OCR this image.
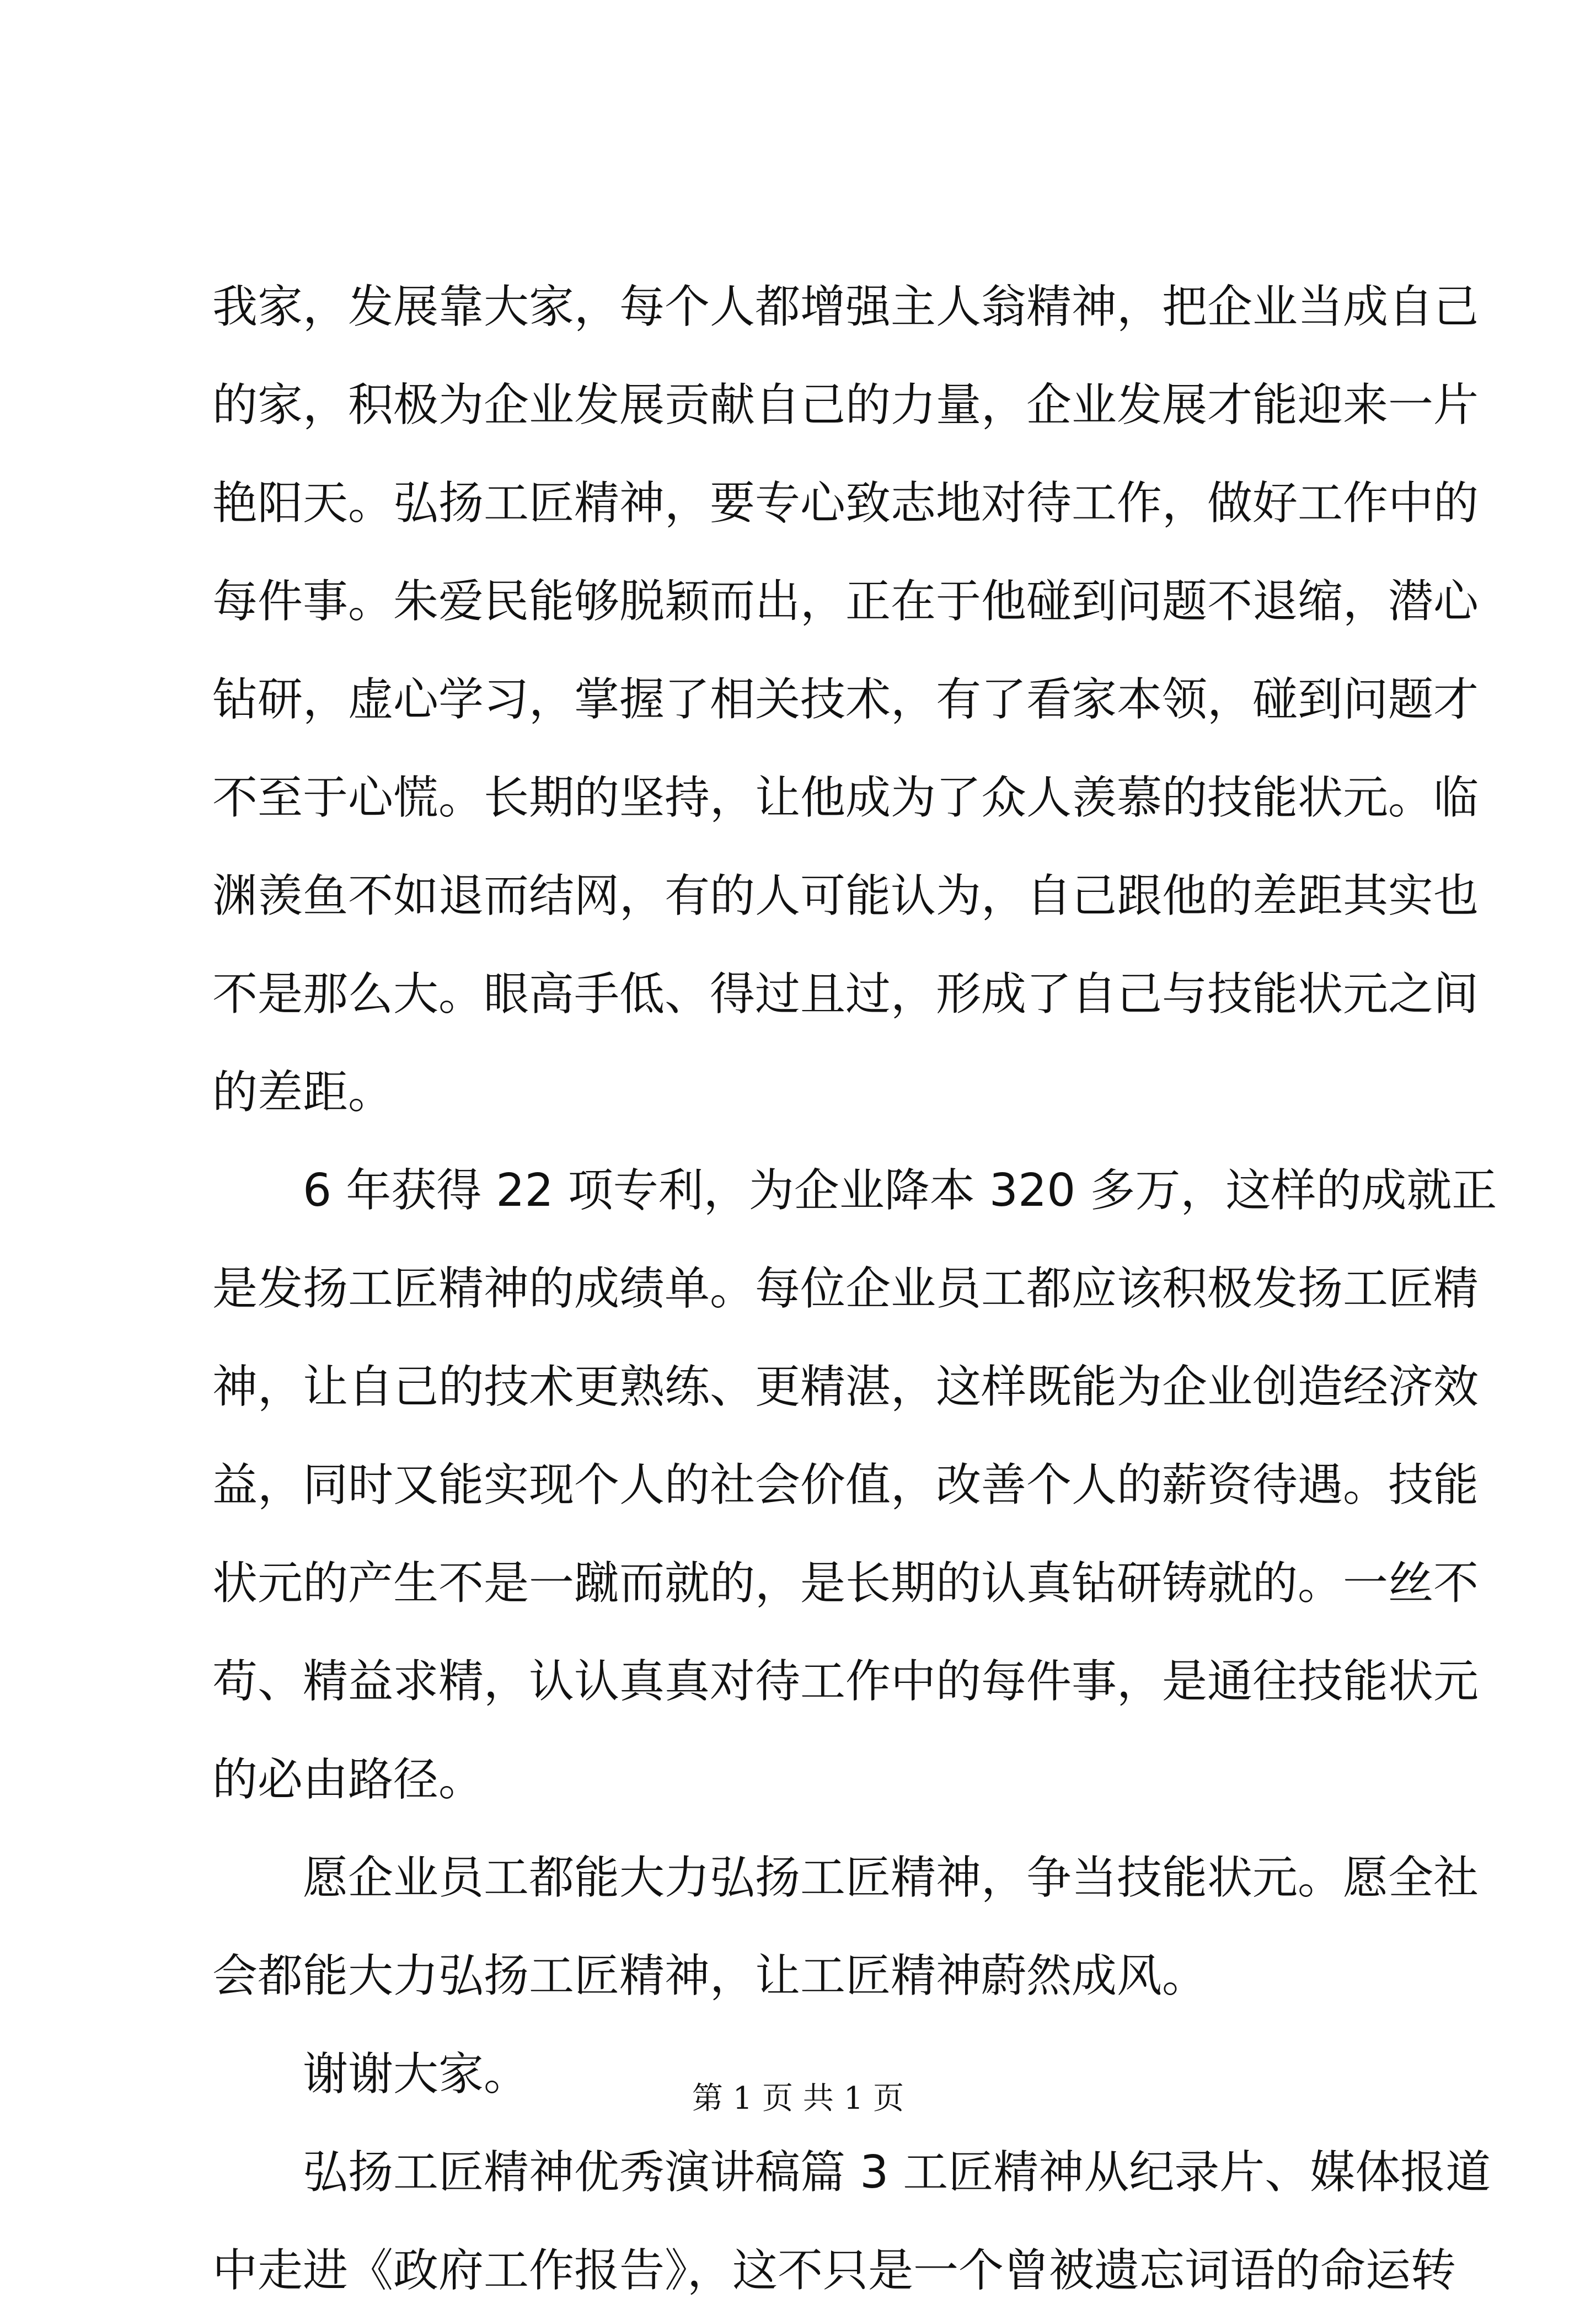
我家，发展靠大家，每个人都增强主人翁精神，把企业当成自己
的家，积极为企业发展贡献自己的力量，企业发展才能迎来一片
艳阳天。弘扬工匠精神，要专心致志地对待工作，做好工作中的
每件事。朱爱民能够脱颖而出，正在于他碰到问题不退缩，潜心
钻研，虚心学习，掌握了相关技术，有了看家本领，碰到问题才
不至于心慌。长期的坚持，让他成为了众人羡慕的技能状元。临
渊羡鱼不如退而结网，有的人可能认为，自己跟他的差距其实也
不是那么大。眼高手低、得过且过，形成了自己与技能状元之间
的差距。
6 年获得 22 项专利，为企业降本 320 多万，这样的成就正
是发扬工匠精神的成绩单。每位企业员工都应该积极发扬工匠精
神，让自己的技术更熟练、更精湛，这样既能为企业创造经济效
益，同时又能实现个人的社会价值，改善个人的薪资待遇。技能
状元的产生不是一蹴而就的，是长期的认真钻研铸就的。一丝不
苟、精益求精，认认真真对待工作中的每件事，是通往技能状元
的必由路径。
愿企业员工都能大力弘扬工匠精神，争当技能状元。愿全社
会都能大力弘扬工匠精神，让工匠精神蔚然成风。
谢谢大家。
弘扬工匠精神优秀演讲稿篇 3 工匠精神从纪录片、媒体报道
中走进《政府工作报告》，这不只是一个曾被遗忘词语的命运转
第 1 页 共 1 页
